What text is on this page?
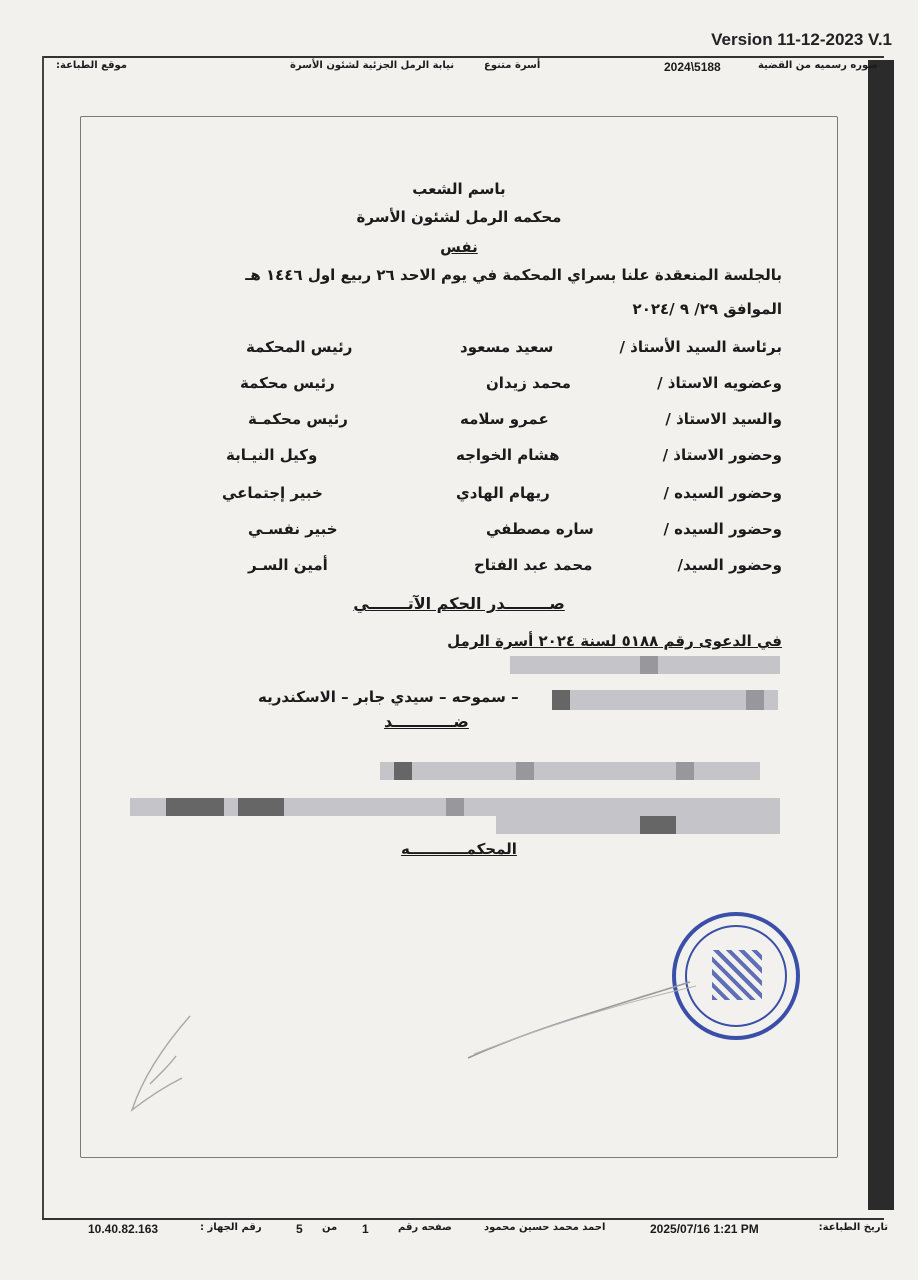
Version 11-12-2023 V.1
صوره رسميه من القضية
2024\5188
أسرة متنوع
نيابة الرمل الجزئية لشئون الأسرة
موقع الطباعة:
باسم الشعب
محكمه الرمل لشئون الأسرة
نفس
بالجلسة المنعقدة علنا بسراي المحكمة في يوم الاحد ٢٦ ربيع اول ١٤٤٦ هـ
الموافق ٢٩/ ٩ /٢٠٢٤
برئاسة السيد الأستاذ /
سعيد مسعود
رئيس المحكمة
وعضويه الاستاذ /
محمد زيدان
رئيس محكمة
والسيد الاستاذ /
عمرو سلامه
رئيس محكمـة
وحضور الاستاذ /
هشام الخواجه
وكيل النيـابة
وحضور السيده /
ريهام الهادي
خبير إجتماعي
وحضور السيده /
ساره مصطفي
خبير نفسـي
وحضور السيد/
محمد عبد الفتاح
أمين السـر
صــــــــدر الحكم الآتـــــــي
في الدعوى رقم ٥١٨٨ لسنة ٢٠٢٤ أسرة الرمل
– سموحه – سيدي جابر – الاسكندريه
ضـــــــــــد
المحكمـــــــــــه
تاريخ الطباعة:
2025/07/16 1:21 PM
احمد محمد حسين محمود
صفحه رقم
1
من
5
رقم الجهاز :
10.40.82.163
